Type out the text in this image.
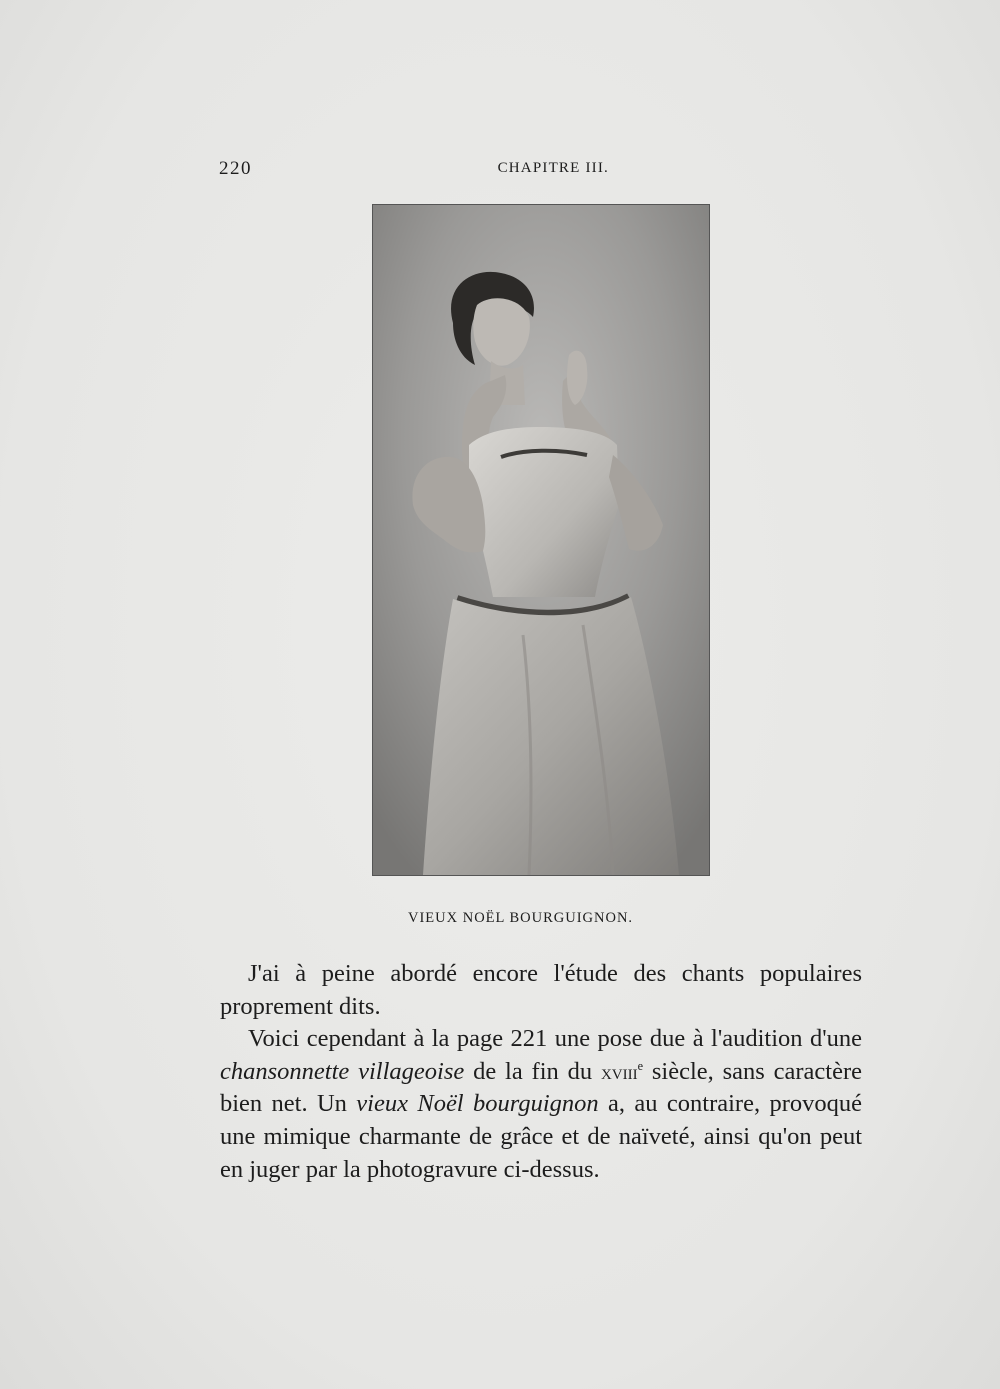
220	CHAPITRE III.
VIEUX NOËL BOURGUIGNON.

J'ai à peine abordé encore l'étude des chants populaires proprement dits.

Voici cependant à la page 221 une pose due à l'audition d'une chansonnette villageoise de la fin du xviii$^e$ siècle, sans caractère bien net. Un vieux Noël bourguignon a, au contraire, provoqué une mimique charmante de grâce et de naïveté, ainsi qu'on peut en juger par la photogravure ci-dessus.
